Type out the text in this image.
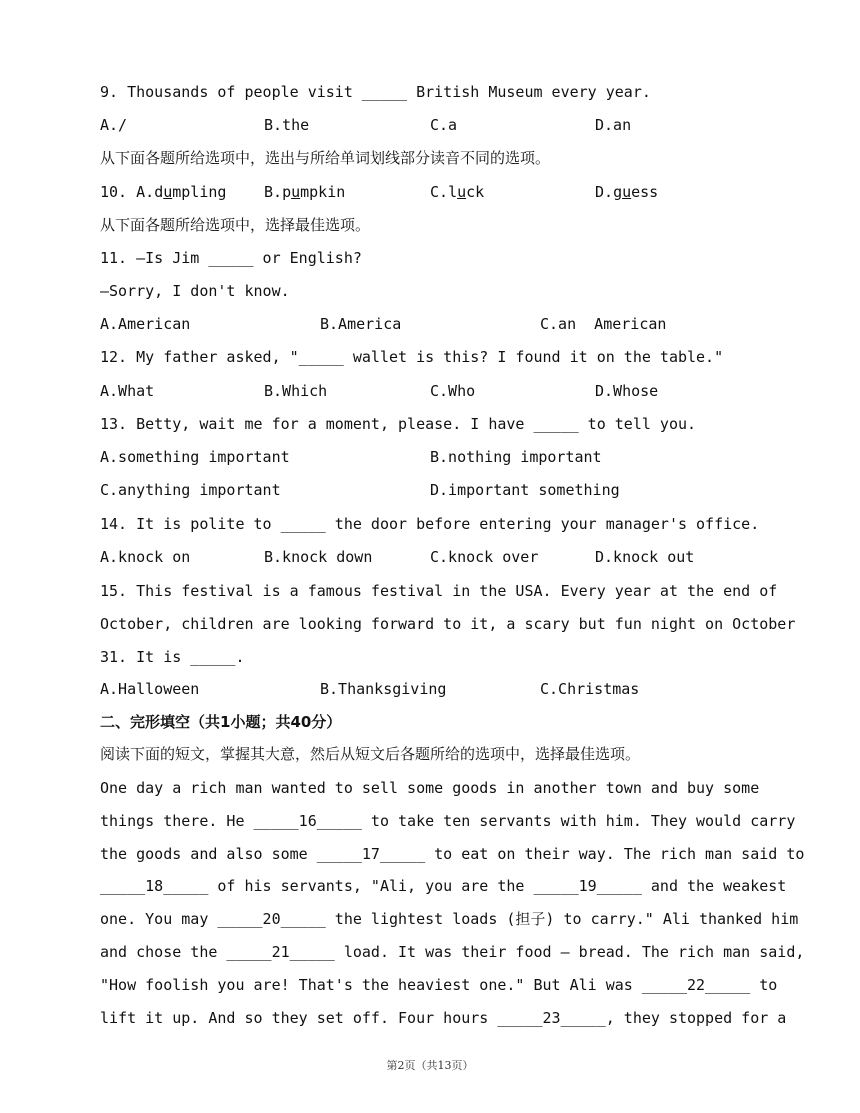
9. Thousands of people visit _____ British Museum every year.
A./	B.the	C.a	D.an
从下面各题所给选项中，选出与所给单词划线部分读音不同的选项。
10. A.dumpling	B.pumpkin	C.luck	D.guess
从下面各题所给选项中，选择最佳选项。
11. —Is Jim _____ or English?
—Sorry, I don't know.
A.American	B.America	C.an  American
12. My father asked, "_____ wallet is this? I found it on the table."
A.What	B.Which	C.Who	D.Whose
13. Betty, wait me for a moment, please. I have _____ to tell you.
A.something important	B.nothing important
C.anything important	D.important something
14. It is polite to _____ the door before entering your manager's office.
A.knock on	B.knock down	C.knock over	D.knock out
15. This festival is a famous festival in the USA. Every year at the end of
October, children are looking forward to it, a scary but fun night on October
31. It is _____.
A.Halloween	B.Thanksgiving	C.Christmas
二、完形填空（共1小题；共40分）
阅读下面的短文，掌握其大意，然后从短文后各题所给的选项中，选择最佳选项。
One day a rich man wanted to sell some goods in another town and buy some
things there. He _____16_____ to take ten servants with him. They would carry
the goods and also some _____17_____ to eat on their way. The rich man said to
_____18_____ of his servants, "Ali, you are the _____19_____ and the weakest
one. You may _____20_____ the lightest loads (担子) to carry." Ali thanked him
and chose the _____21_____ load. It was their food — bread. The rich man said,
"How foolish you are! That's the heaviest one." But Ali was _____22_____ to
lift it up. And so they set off. Four hours _____23_____, they stopped for a
第2页（共13页）
